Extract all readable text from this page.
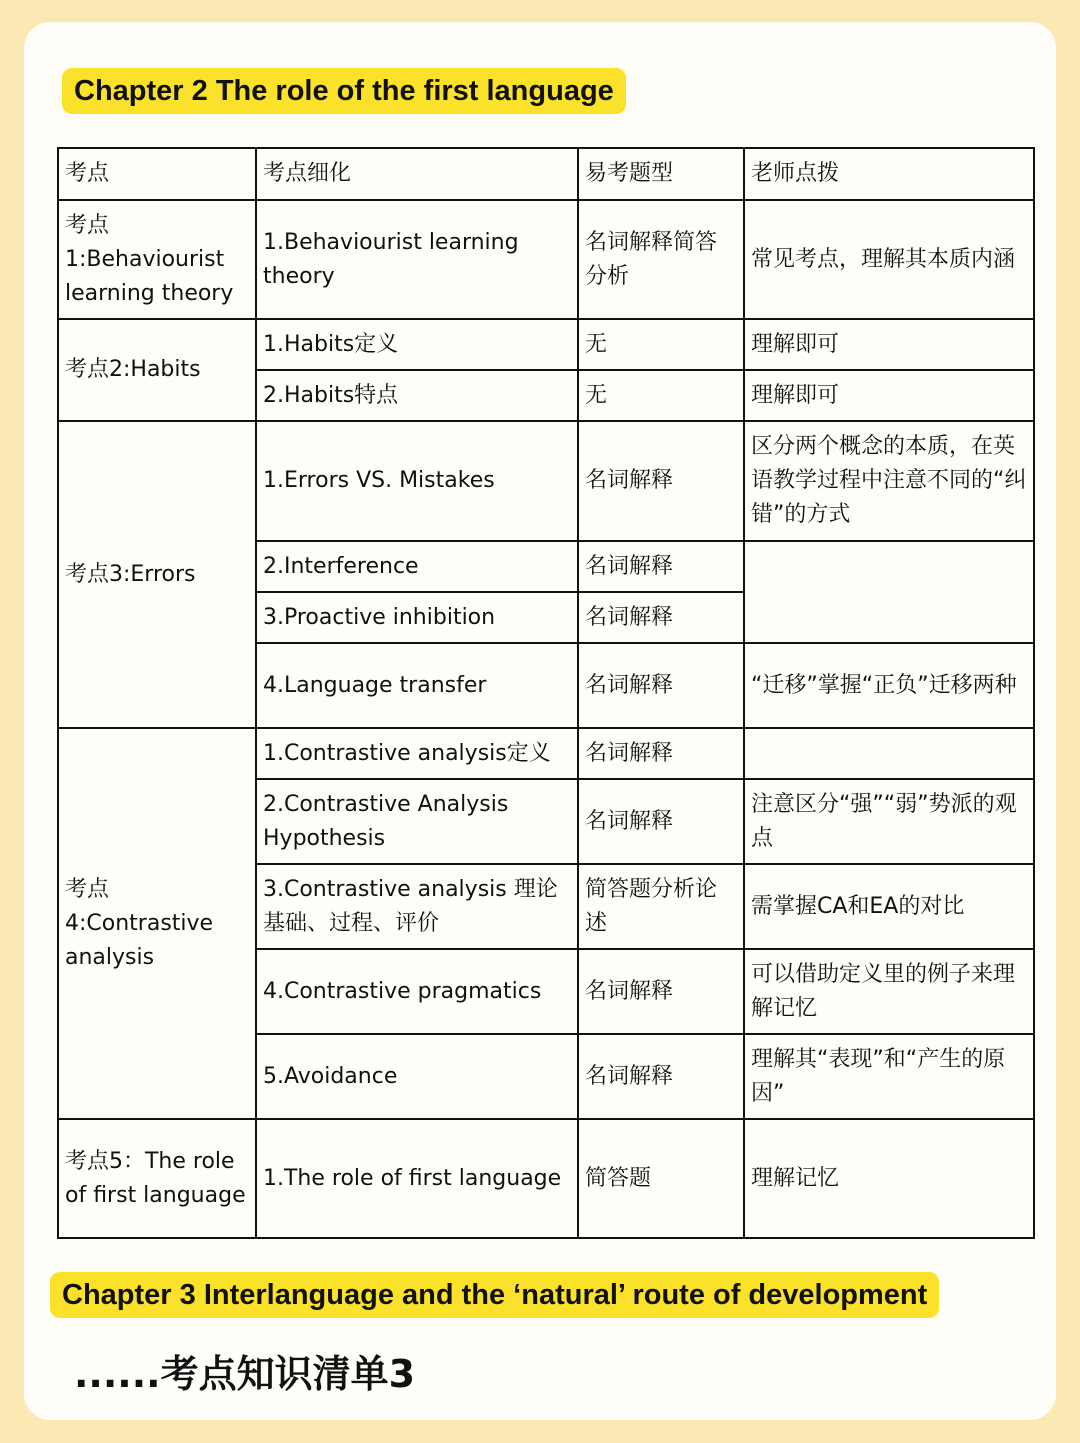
Chapter 2 The role of the first language
考点	考点细化	易考题型	老师点拨
考点1:Behaviourist learning theory	1.Behaviourist learning theory	名词解释简答分析	常见考点，理解其本质内涵
考点2:Habits	1.Habits定义	无	理解即可
	2.Habits特点	无	理解即可
考点3:Errors	1.Errors VS. Mistakes	名词解释	区分两个概念的本质，在英语教学过程中注意不同的“纠错”的方式
	2.Interference	名词解释	
	3.Proactive inhibition	名词解释	
	4.Language transfer	名词解释	“迁移”掌握“正负”迁移两种
考点4:Contrastive analysis	1.Contrastive analysis定义	名词解释	
	2.Contrastive Analysis Hypothesis	名词解释	注意区分“强”“弱”势派的观点
	3.Contrastive analysis 理论基础、过程、评价	简答题分析论述	需掌握CA和EA的对比
	4.Contrastive pragmatics	名词解释	可以借助定义里的例子来理解记忆
	5.Avoidance	名词解释	理解其“表现”和“产生的原因”
考点5：The role of first language	1.The role of first language	简答题	理解记忆
Chapter 3 Interlanguage and the ‘natural’ route of development
......考点知识清单3
